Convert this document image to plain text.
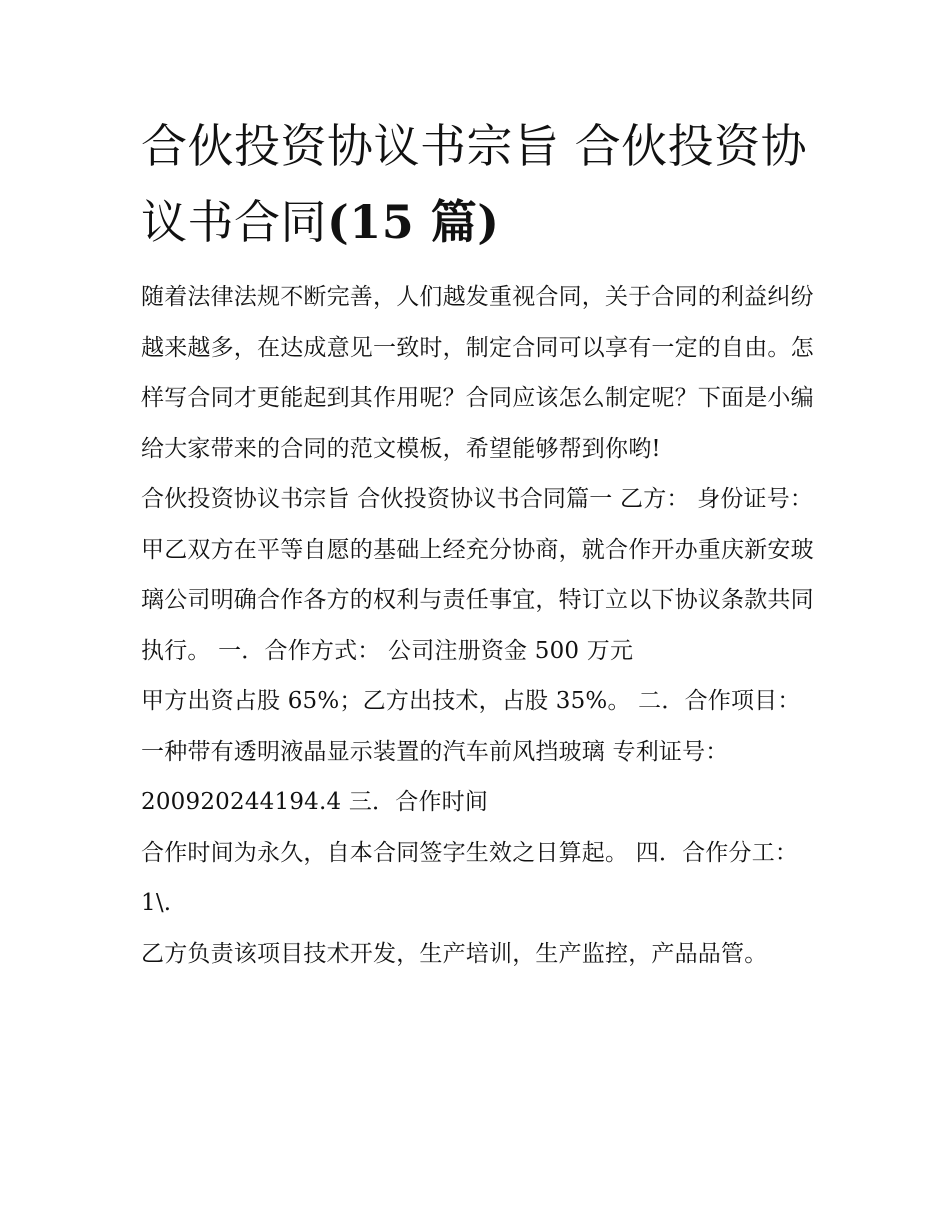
合伙投资协议书宗旨 合伙投资协议书合同(15 篇)

随着法律法规不断完善，人们越发重视合同，关于合同的利益纠纷越来越多，在达成意见一致时，制定合同可以享有一定的自由。怎样写合同才更能起到其作用呢？合同应该怎么制定呢？下面是小编给大家带来的合同的范文模板，希望能够帮到你哟!

合伙投资协议书宗旨 合伙投资协议书合同篇一 乙方： 身份证号： 甲乙双方在平等自愿的基础上经充分协商，就合作开办重庆新安玻璃公司明确合作各方的权利与责任事宜，特订立以下协议条款共同执行。 一．合作方式： 公司注册资金 500 万元

甲方出资占股 65%；乙方出技术，占股 35%。 二．合作项目： 一种带有透明液晶显示装置的汽车前风挡玻璃 专利证号：200920244194.4 三．合作时间

合作时间为永久，自本合同签字生效之日算起。 四．合作分工： 1\.

乙方负责该项目技术开发，生产培训，生产监控，产品品管。
